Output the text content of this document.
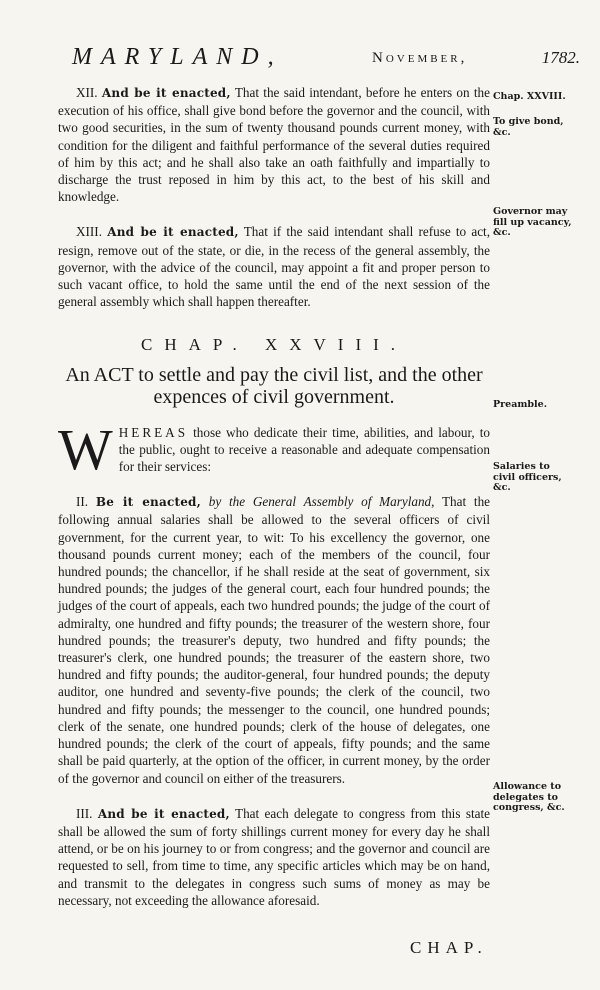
MARYLAND,	November,	1782.

XII. And be it enacted, That the said intendant, before he enters on the execution of his office, shall give bond before the governor and the council, with two good securities, in the sum of twenty thousand pounds current money, with condition for the diligent and faithful performance of the several duties required of him by this act; and he shall also take an oath faithfully and impartially to discharge the trust reposed in him by this act, to the best of his skill and knowledge.

XIII. And be it enacted, That if the said intendant shall refuse to act, resign, remove out of the state, or die, in the recess of the general assembly, the governor, with the advice of the council, may appoint a fit and proper person to such vacant office, to hold the same until the end of the next session of the general assembly which shall happen thereafter.

CHAP. XXVIII.
An ACT to settle and pay the civil list, and the other expences of civil government.

W HEREAS those who dedicate their time, abilities, and labour, to the public, ought to receive a reasonable and adequate compensation for their services:

II. Be it enacted, by the General Assembly of Maryland, That the following annual salaries shall be allowed to the several officers of civil government, for the current year, to wit: To his excellency the governor, one thousand pounds current money; each of the members of the council, four hundred pounds; the chancellor, if he shall reside at the seat of government, six hundred pounds; the judges of the general court, each four hundred pounds; the judges of the court of appeals, each two hundred pounds; the judge of the court of admiralty, one hundred and fifty pounds; the treasurer of the western shore, four hundred pounds; the treasurer's deputy, two hundred and fifty pounds; the treasurer's clerk, one hundred pounds; the treasurer of the eastern shore, two hundred and fifty pounds; the auditor-general, four hundred pounds; the deputy auditor, one hundred and seventy-five pounds; the clerk of the council, two hundred and fifty pounds; the messenger to the council, one hundred pounds; clerk of the senate, one hundred pounds; clerk of the house of delegates, one hundred pounds; the clerk of the court of appeals, fifty pounds; and the same shall be paid quarterly, at the option of the officer, in current money, by the order of the governor and council on either of the treasurers.

III. And be it enacted, That each delegate to congress from this state shall be allowed the sum of forty shillings current money for every day he shall attend, or be on his journey to or from congress; and the governor and council are requested to sell, from time to time, any specific articles which may be on hand, and transmit to the delegates in congress such sums of money as may be necessary, not exceeding the allowance aforesaid.

Chap. XXVIII.
To give bond, &c.
Governor may fill up vacancy, &c.
Preamble.
Salaries to civil officers, &c.
Allowance to delegates to congress, &c.
CHAP.
